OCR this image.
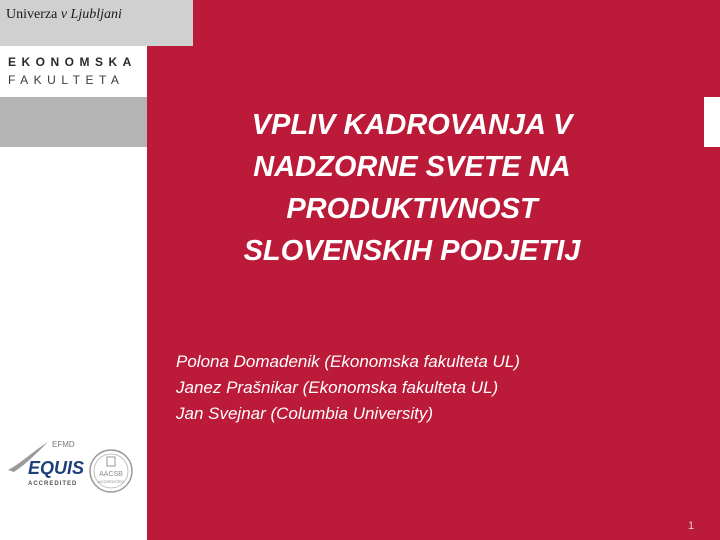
Univerza v Ljubljani
EKONOMSKA
FAKULTETA
VPLIV KADROVANJA V
NADZORNE SVETE NA
PRODUKTIVNOST
SLOVENSKIH PODJETIJ
Polona Domadenik (Ekonomska fakulteta UL)
Janez Prašnikar (Ekonomska fakulteta UL)
Jan Svejnar (Columbia University)
EFMD
EQUIS
ACCREDITED
AACSB
ACCREDITED
1
